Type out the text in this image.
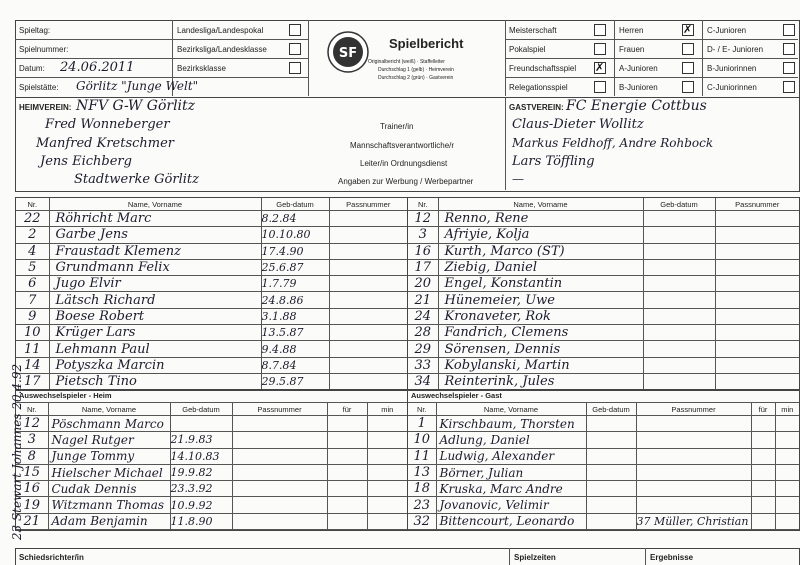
Spieltag:
Spielnummer:
Datum: 24.06.2011
Spielstätte: Görlitz "Junge Welt"
Landesliga/Landespokal
Bezirksliga/Landesklasse
Bezirksklasse
SF
Spielbericht
Originalbericht (weiß) · Staffelleiter
Durchschlag 1 (gelb) · Heimverein
Durchschlag 2 (grün) · Gastverein
Meisterschaft
Pokalspiel
Freundschaftsspiel ✗
Relegationsspiel
Herren	✗
Frauen
A-Junioren
B-Junioren
C-Junioren
D- / E- Junioren
B-Juniorinnen
C-Juniorinnen
HEIMVEREIN: NFV G-W Görlitz	GASTVEREIN: FC Energie Cottbus
Trainer/in
Fred Wonneberger	Claus-Dieter Wollitz
Mannschaftsverantwortliche/r
Manfred Kretschmer	Markus Feldhoff, Andre Rohbock
Leiter/in Ordnungsdienst
Jens Eichberg	Lars Töffling
Angaben zur Werbung / Werbepartner
Stadtwerke Görlitz	—
Nr.	Name, Vorname	Geb-datum	Passnummer
22	Röhricht Marc	8.2.84	
2	Garbe Jens	10.10.80	
4	Fraustadt Klemenz	17.4.90	
5	Grundmann Felix	25.6.87	
6	Jugo Elvir	1.7.79	
7	Lätsch Richard	24.8.86	
9	Boese Robert	3.1.88	
10	Krüger Lars	13.5.87	
11	Lehmann Paul	9.4.88	
14	Potyszka Marcin	8.7.84	
17	Pietsch Tino	29.5.87	
Nr.	Name, Vorname	Geb-datum	Passnummer
12	Renno, Rene		
3	Afriyie, Kolja		
16	Kurth, Marco (ST)		
17	Ziebig, Daniel		
20	Engel, Konstantin		
21	Hünemeier, Uwe		
24	Kronaveter, Rok		
28	Fandrich, Clemens		
29	Sörensen, Dennis		
33	Kobylanski, Martin		
34	Reinterink, Jules		
Auswechselspieler - Heim
Nr.	Name, Vorname	Geb-datum	Passnummer	für	min
12	Pöschmann Marco				
3	Nagel Rutger	21.9.83			
8	Junge Tommy	14.10.83			
15	Hielscher Michael	19.9.82			
16	Cudak Dennis	23.3.92			
19	Witzmann Thomas	10.9.92			
21	Adam Benjamin	11.8.90			
Auswechselspieler - Gast
Nr.	Name, Vorname	Geb-datum	Passnummer	für	min
1	Kirschbaum, Thorsten				
10	Adlung, Daniel				
11	Ludwig, Alexander				
13	Börner, Julian				
18	Kruska, Marc Andre				
23	Jovanovic, Velimir				
32	Bittencourt, Leonardo		37 Müller, Christian		
Schiedsrichter/in	Spielzeiten	Ergebnisse
23 Stewart Johannes 20.4.92
